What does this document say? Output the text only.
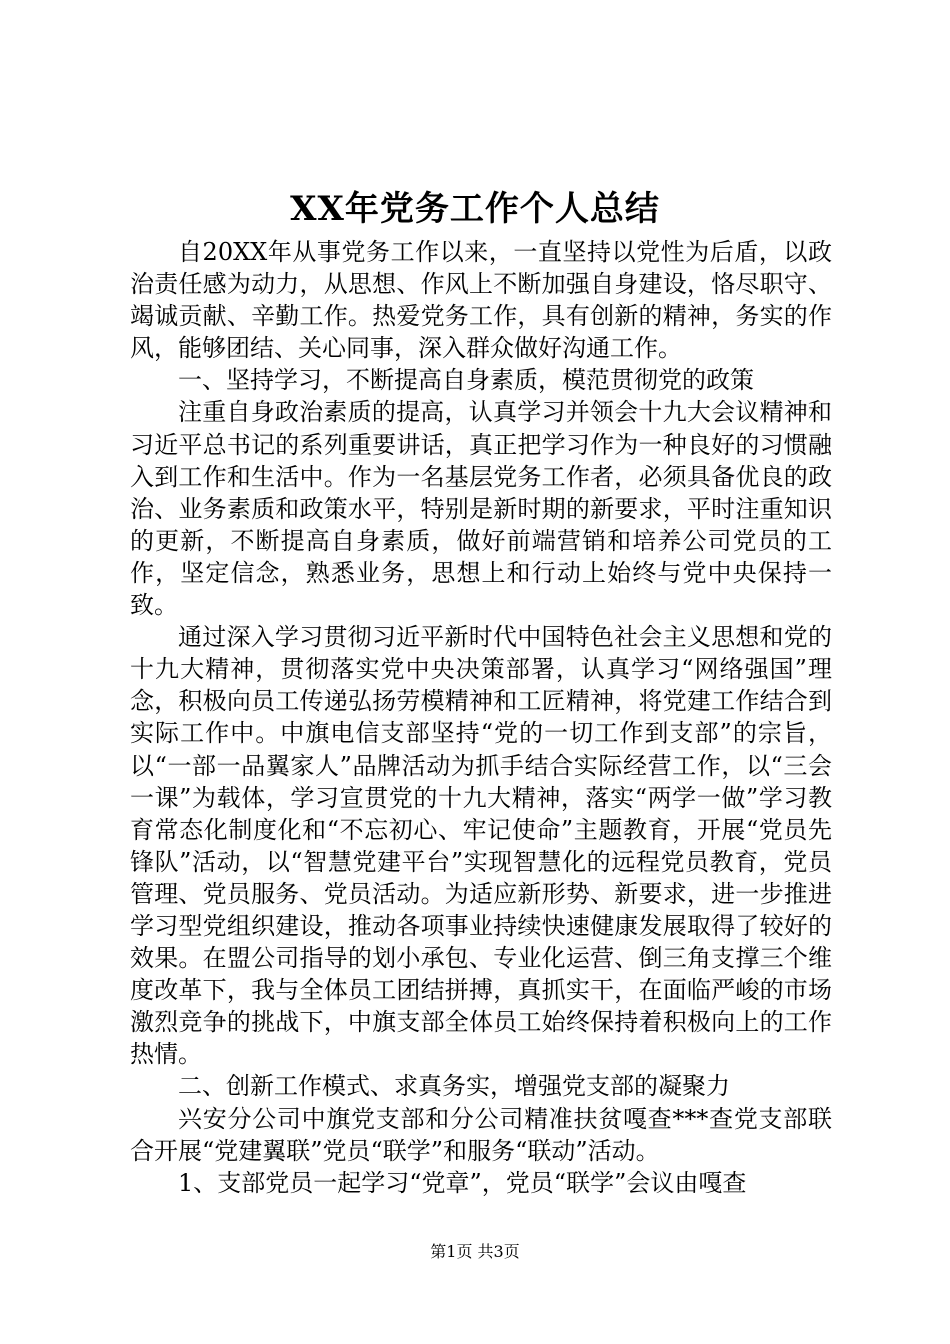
XX年党务工作个人总结

自20XX年从事党务工作以来，一直坚持以党性为后盾，以政治责任感为动力，从思想、作风上不断加强自身建设，恪尽职守、竭诚贡献、辛勤工作。热爱党务工作，具有创新的精神，务实的作风，能够团结、关心同事，深入群众做好沟通工作。

一、坚持学习，不断提高自身素质，模范贯彻党的政策

注重自身政治素质的提高，认真学习并领会十九大会议精神和习近平总书记的系列重要讲话，真正把学习作为一种良好的习惯融入到工作和生活中。作为一名基层党务工作者，必须具备优良的政治、业务素质和政策水平，特别是新时期的新要求，平时注重知识的更新，不断提高自身素质，做好前端营销和培养公司党员的工作，坚定信念，熟悉业务，思想上和行动上始终与党中央保持一致。

通过深入学习贯彻习近平新时代中国特色社会主义思想和党的十九大精神，贯彻落实党中央决策部署，认真学习“网络强国”理念，积极向员工传递弘扬劳模精神和工匠精神，将党建工作结合到实际工作中。中旗电信支部坚持“党的一切工作到支部”的宗旨，以“一部一品翼家人”品牌活动为抓手结合实际经营工作，以“三会一课”为载体，学习宣贯党的十九大精神，落实“两学一做”学习教育常态化制度化和“不忘初心、牢记使命”主题教育，开展“党员先锋队”活动，以“智慧党建平台”实现智慧化的远程党员教育，党员管理、党员服务、党员活动。为适应新形势、新要求，进一步推进学习型党组织建设，推动各项事业持续快速健康发展取得了较好的效果。在盟公司指导的划小承包、专业化运营、倒三角支撑三个维度改革下，我与全体员工团结拼搏，真抓实干，在面临严峻的市场激烈竞争的挑战下，中旗支部全体员工始终保持着积极向上的工作热情。

二、创新工作模式、求真务实，增强党支部的凝聚力

兴安分公司中旗党支部和分公司精准扶贫嘎查***查党支部联合开展“党建翼联”党员“联学”和服务“联动”活动。

1、支部党员一起学习“党章”，党员“联学”会议由嘎查

第1页 共3页
